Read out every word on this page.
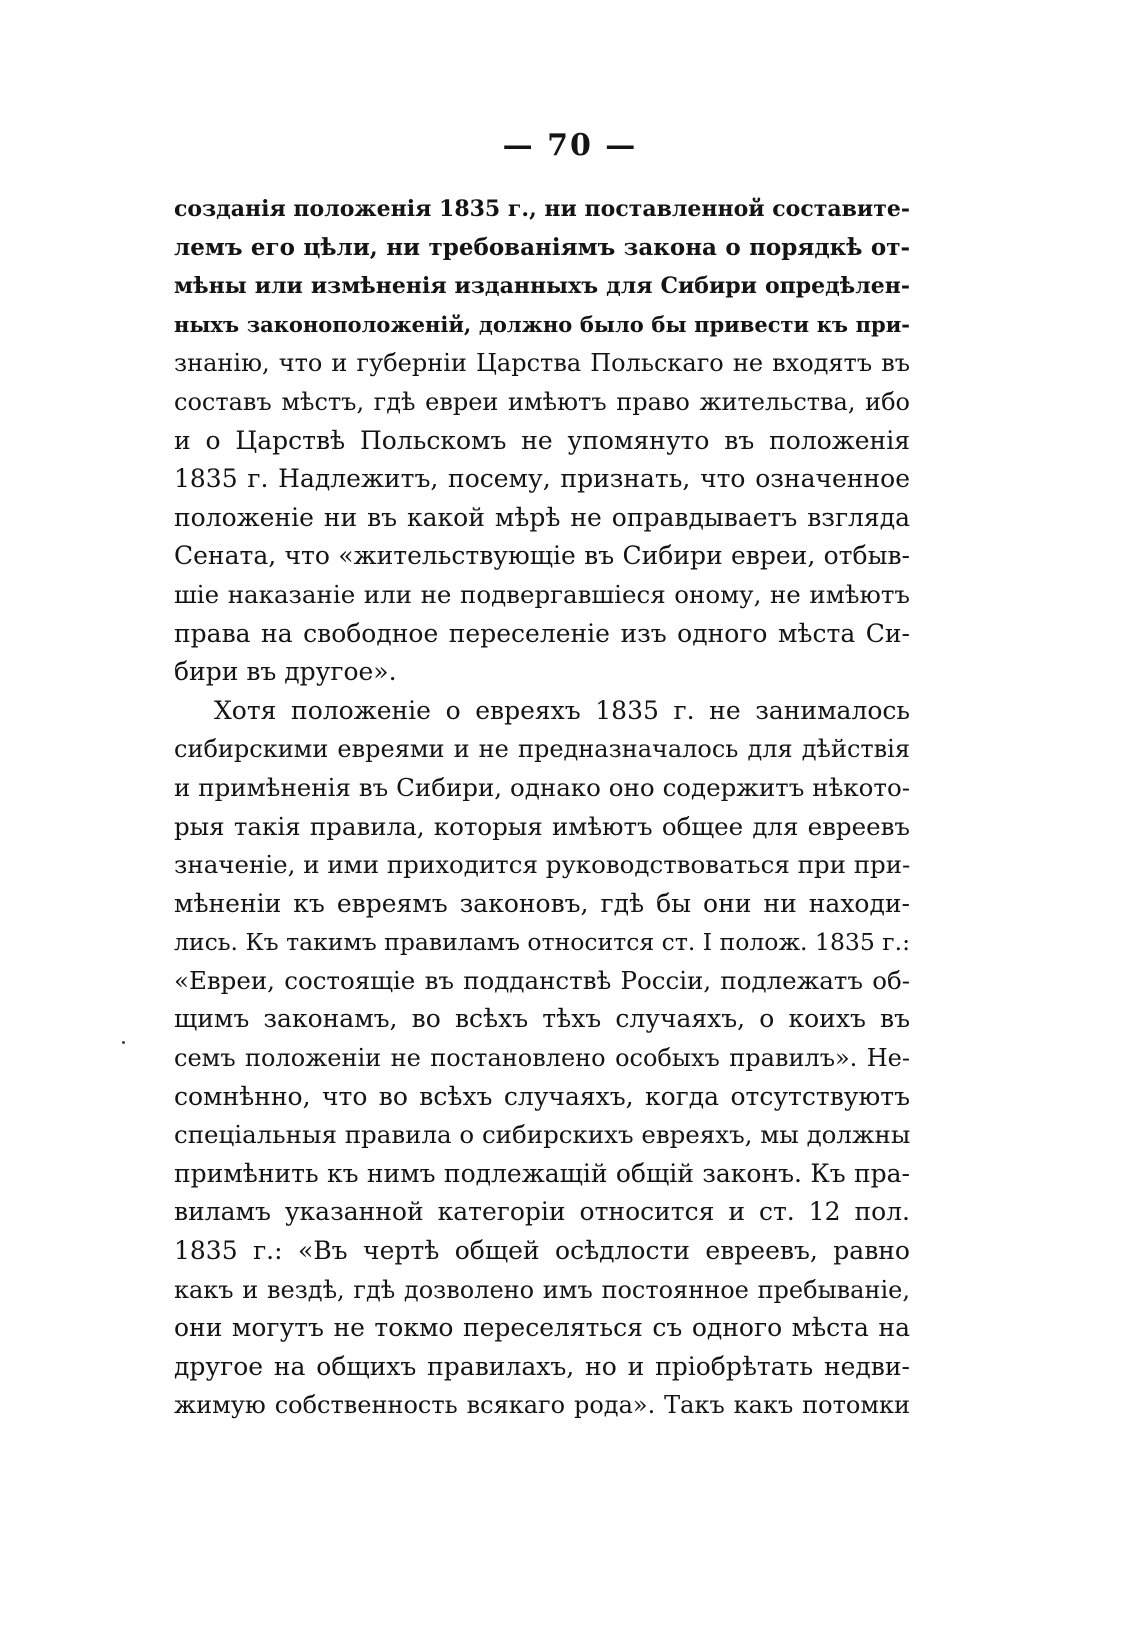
— 70 —
созданія положенія 1835 г., ни поставленной составите-
лемъ его цѣли, ни требованіямъ закона о порядкѣ от-
мѣны или измѣненія изданныхъ для Сибири опредѣлен-
ныхъ законоположеній, должно было бы привести къ при-
знанію, что и губерніи Царства Польскаго не входятъ въ
составъ мѣстъ, гдѣ евреи имѣютъ право жительства, ибо
и о Царствѣ Польскомъ не упомянуто въ положенія
1835 г. Надлежитъ, посему, признать, что означенное
положеніе ни въ какой мѣрѣ не оправдываетъ взгляда
Сената, что «жительствующіе въ Сибири евреи, отбыв-
шіе наказаніе или не подвергавшіеся оному, не имѣютъ
права на свободное переселеніе изъ одного мѣста Си-
бири въ другое».
Хотя положеніе о евреяхъ 1835 г. не занималось
сибирскими евреями и не предназначалось для дѣйствія
и примѣненія въ Сибири, однако оно содержитъ нѣкото-
рыя такія правила, которыя имѣютъ общее для евреевъ
значеніе, и ими приходится руководствоваться при при-
мѣненіи къ евреямъ законовъ, гдѣ бы они ни находи-
лись. Къ такимъ правиламъ относится ст. I полож. 1835 г.:
«Евреи, состоящіе въ подданствѣ Россіи, подлежатъ об-
щимъ законамъ, во всѣхъ тѣхъ случаяхъ, о коихъ въ
семъ положеніи не постановлено особыхъ правилъ». Не-
сомнѣнно, что во всѣхъ случаяхъ, когда отсутствуютъ
спеціальныя правила о сибирскихъ евреяхъ, мы должны
примѣнить къ нимъ подлежащій общій законъ. Къ пра-
виламъ указанной категоріи относится и ст. 12 пол.
1835 г.: «Въ чертѣ общей осѣдлости евреевъ, равно
какъ и вездѣ, гдѣ дозволено имъ постоянное пребываніе,
они могутъ не токмо переселяться съ одного мѣста на
другое на общихъ правилахъ, но и пріобрѣтать недви-
жимую собственность всякаго рода». Такъ какъ потомки
